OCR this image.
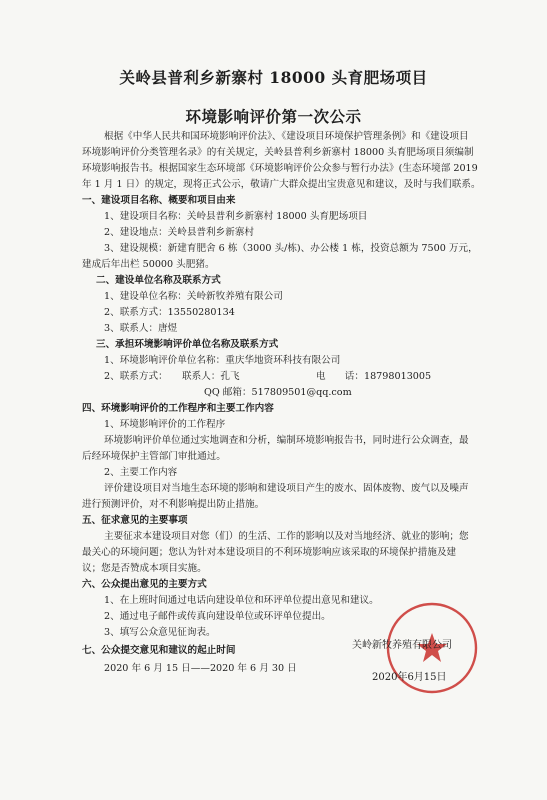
关岭县普利乡新寨村 18000 头育肥场项目
环境影响评价第一次公示
根据《中华人民共和国环境影响评价法》、《建设项目环境保护管理条例》和《建设项目
环境影响评价分类管理名录》的有关规定，关岭县普利乡新寨村 18000 头育肥场项目须编制
环境影响报告书。根据国家生态环境部《环境影响评价公众参与暂行办法》(生态环境部 2019
年 1 月 1 日）的规定，现将正式公示，敬请广大群众提出宝贵意见和建议，及时与我们联系。
一、建设项目名称、概要和项目由来
1、建设项目名称：关岭县普利乡新寨村 18000 头育肥场项目
2、建设地点：关岭县普利乡新寨村
3、建设规模：新建育肥舍 6 栋（3000 头/栋)、办公楼 1 栋，投资总额为 7500 万元，
建成后年出栏 50000 头肥猪。
二、建设单位名称及联系方式
1、建设单位名称：关岭新牧养殖有限公司
2、联系方式：13550280134
3、联系人：唐煜
三、承担环境影响评价单位名称及联系方式
1、环境影响评价单位名称：重庆华地资环科技有限公司
2、联系方式：　　联系人：孔飞	电　　话：18798013005
QQ 邮箱：517809501@qq.com
四、环境影响评价的工作程序和主要工作内容
1、环境影响评价的工作程序
环境影响评价单位通过实地调查和分析，编制环境影响报告书，同时进行公众调查，最
后经环境保护主管部门审批通过。
2、主要工作内容
评价建设项目对当地生态环境的影响和建设项目产生的废水、固体废物、废气以及噪声
进行预测评价，对不利影响提出防止措施。
五、征求意见的主要事项
主要征求本建设项目对您（们）的生活、工作的影响以及对当地经济、就业的影响；您
最关心的环境问题；您认为针对本建设项目的不利环境影响应该采取的环境保护措施及建
议；您是否赞成本项目实施。
六、公众提出意见的主要方式
1、在上班时间通过电话向建设单位和环评单位提出意见和建议。
2、通过电子邮件或传真向建设单位或环评单位提出。
3、填写公众意见征询表。
七、公众提交意见和建议的起止时间
2020 年 6 月 15 日——2020 年 6 月 30 日
关岭新牧养殖有限公司
2020年6月15日
